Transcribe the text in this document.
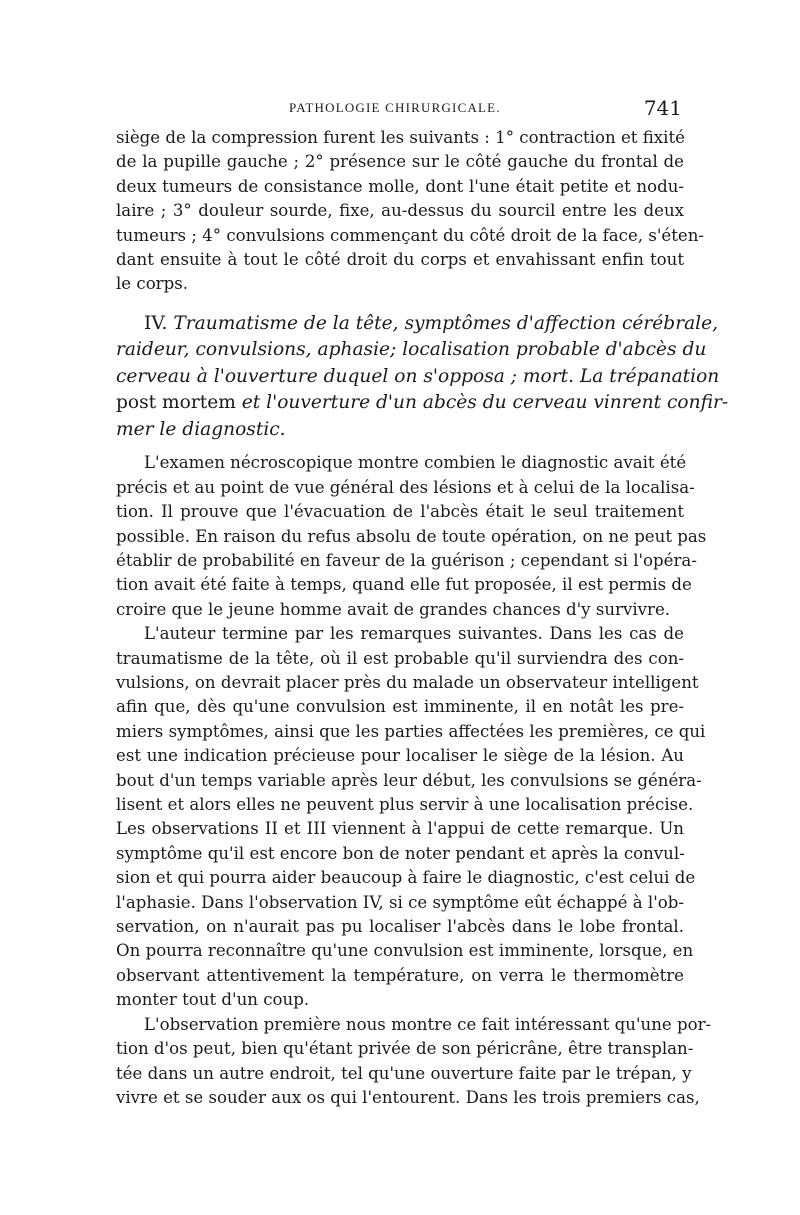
PATHOLOGIE CHIRURGICALE.	741

siège de la compression furent les suivants : 1° contraction et fixité
de la pupille gauche ; 2° présence sur le côté gauche du frontal de
deux tumeurs de consistance molle, dont l'une était petite et nodu-
laire ; 3° douleur sourde, fixe, au-dessus du sourcil entre les deux
tumeurs ; 4° convulsions commençant du côté droit de la face, s'éten-
dant ensuite à tout le côté droit du corps et envahissant enfin tout
le corps.

IV. Traumatisme de la tête, symptômes d'affection cérébrale,
raideur, convulsions, aphasie; localisation probable d'abcès du
cerveau à l'ouverture duquel on s'opposa ; mort. La trépanation
post mortem et l'ouverture d'un abcès du cerveau vinrent confir-
mer le diagnostic.

L'examen nécroscopique montre combien le diagnostic avait été
précis et au point de vue général des lésions et à celui de la localisa-
tion. Il prouve que l'évacuation de l'abcès était le seul traitement
possible. En raison du refus absolu de toute opération, on ne peut pas
établir de probabilité en faveur de la guérison ; cependant si l'opéra-
tion avait été faite à temps, quand elle fut proposée, il est permis de
croire que le jeune homme avait de grandes chances d'y survivre.

L'auteur termine par les remarques suivantes. Dans les cas de
traumatisme de la tête, où il est probable qu'il surviendra des con-
vulsions, on devrait placer près du malade un observateur intelligent
afin que, dès qu'une convulsion est imminente, il en notât les pre-
miers symptômes, ainsi que les parties affectées les premières, ce qui
est une indication précieuse pour localiser le siège de la lésion. Au
bout d'un temps variable après leur début, les convulsions se généra-
lisent et alors elles ne peuvent plus servir à une localisation précise.
Les observations II et III viennent à l'appui de cette remarque. Un
symptôme qu'il est encore bon de noter pendant et après la convul-
sion et qui pourra aider beaucoup à faire le diagnostic, c'est celui de
l'aphasie. Dans l'observation IV, si ce symptôme eût échappé à l'ob-
servation, on n'aurait pas pu localiser l'abcès dans le lobe frontal.
On pourra reconnaître qu'une convulsion est imminente, lorsque, en
observant attentivement la température, on verra le thermomètre
monter tout d'un coup.

L'observation première nous montre ce fait intéressant qu'une por-
tion d'os peut, bien qu'étant privée de son péricrâne, être transplan-
tée dans un autre endroit, tel qu'une ouverture faite par le trépan, y
vivre et se souder aux os qui l'entourent. Dans les trois premiers cas,
